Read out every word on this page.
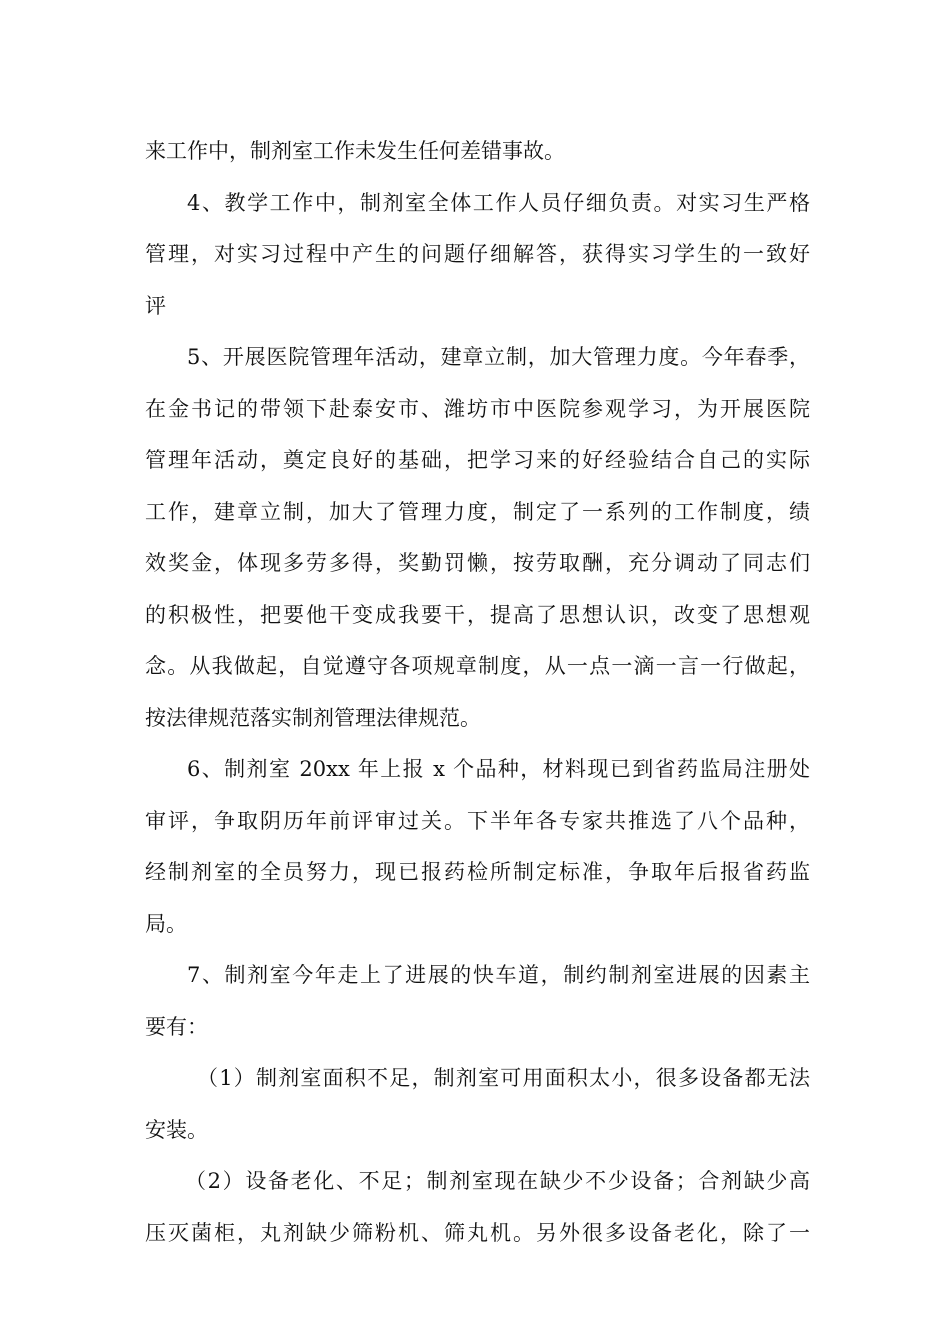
来工作中，制剂室工作未发生任何差错事故。
4、教学工作中，制剂室全体工作人员仔细负责。对实习生严格
管理，对实习过程中产生的问题仔细解答，获得实习学生的一致好
评
5、开展医院管理年活动，建章立制，加大管理力度。今年春季，
在金书记的带领下赴泰安市、潍坊市中医院参观学习，为开展医院
管理年活动，奠定良好的基础，把学习来的好经验结合自己的实际
工作，建章立制，加大了管理力度，制定了一系列的工作制度，绩
效奖金，体现多劳多得，奖勤罚懒，按劳取酬，充分调动了同志们
的积极性，把要他干变成我要干，提高了思想认识，改变了思想观
念。从我做起，自觉遵守各项规章制度，从一点一滴一言一行做起，
按法律规范落实制剂管理法律规范。
6、制剂室 20xx 年上报 x 个品种，材料现已到省药监局注册处
审评，争取阴历年前评审过关。下半年各专家共推选了八个品种，
经制剂室的全员努力，现已报药检所制定标准，争取年后报省药监
局。
7、制剂室今年走上了进展的快车道，制约制剂室进展的因素主
要有：
（1）制剂室面积不足，制剂室可用面积太小，很多设备都无法
安装。
（2）设备老化、不足；制剂室现在缺少不少设备；合剂缺少高
压灭菌柜，丸剂缺少筛粉机、筛丸机。另外很多设备老化，除了一
